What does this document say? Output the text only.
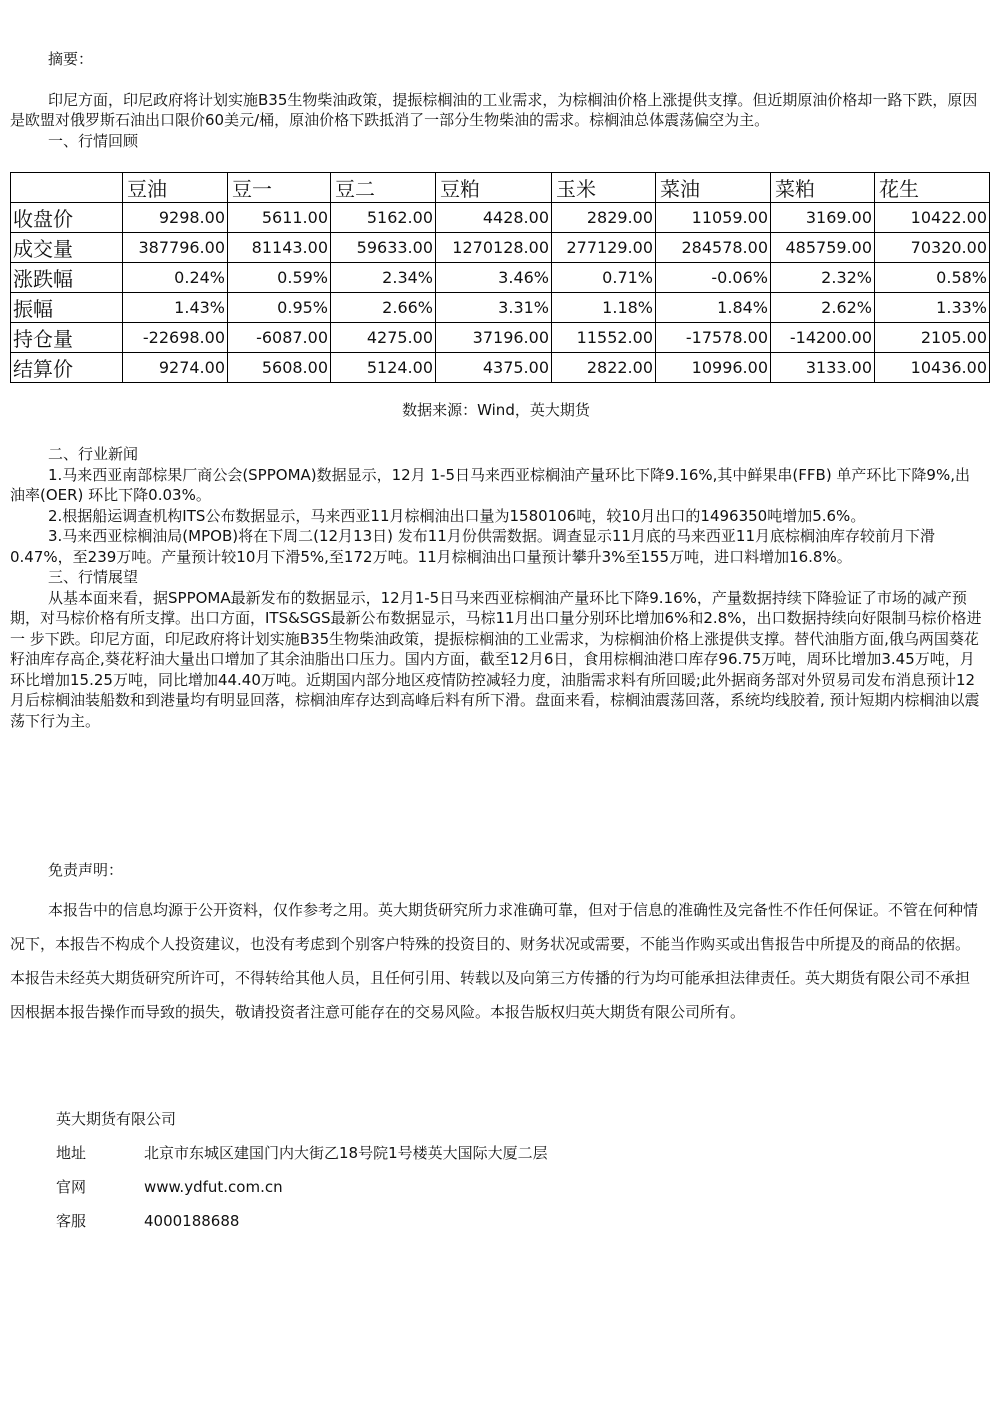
摘要：

印尼方面，印尼政府将计划实施B35生物柴油政策，提振棕榈油的工业需求，为棕榈油价格上涨提供支撑。但近期原油价格却一路下跌，原因是欧盟对俄罗斯石油出口限价60美元/桶，原油价格下跌抵消了一部分生物柴油的需求。棕榈油总体震荡偏空为主。

一、行情回顾

	豆油	豆一	豆二	豆粕	玉米	菜油	菜粕	花生
收盘价	9298.00	5611.00	5162.00	4428.00	2829.00	11059.00	3169.00	10422.00
成交量	387796.00	81143.00	59633.00	1270128.00	277129.00	284578.00	485759.00	70320.00
涨跌幅	0.24%	0.59%	2.34%	3.46%	0.71%	-0.06%	2.32%	0.58%
振幅	1.43%	0.95%	2.66%	3.31%	1.18%	1.84%	2.62%	1.33%
持仓量	-22698.00	-6087.00	4275.00	37196.00	11552.00	-17578.00	-14200.00	2105.00
结算价	9274.00	5608.00	5124.00	4375.00	2822.00	10996.00	3133.00	10436.00

数据来源：Wind，英大期货

二、行业新闻

1.马来西亚南部棕果厂商公会(SPPOMA)数据显示，12月 1-5日马来西亚棕榈油产量环比下降9.16%,其中鲜果串(FFB) 单产环比下降9%,出油率(OER) 环比下降0.03%。

2.根据船运调查机构ITS公布数据显示，马来西亚11月棕榈油出口量为1580106吨，较10月出口的1496350吨增加5.6%。

3.马来西亚棕榈油局(MPOB)将在下周二(12月13日) 发布11月份供需数据。调查显示11月底的马来西亚11月底棕榈油库存较前月下滑0.47%，至239万吨。产量预计较10月下滑5%,至172万吨。11月棕榈油出口量预计攀升3%至155万吨，进口料增加16.8%。

三、行情展望

从基本面来看，据SPPOMA最新发布的数据显示，12月1-5日马来西亚棕榈油产量环比下降9.16%，产量数据持续下降验证了市场的减产预期，对马棕价格有所支撑。出口方面，ITS&SGS最新公布数据显示，马棕11月出口量分别环比增加6%和2.8%，出口数据持续向好限制马棕价格进一 步下跌。印尼方面，印尼政府将计划实施B35生物柴油政策，提振棕榈油的工业需求，为棕榈油价格上涨提供支撑。替代油脂方面,俄乌两国葵花籽油库存高企,葵花籽油大量出口增加了其余油脂出口压力。国内方面，截至12月6日，食用棕榈油港口库存96.75万吨，周环比增加3.45万吨，月环比增加15.25万吨，同比增加44.40万吨。近期国内部分地区疫情防控减轻力度，油脂需求料有所回暖;此外据商务部对外贸易司发布消息预计12月后棕榈油装船数和到港量均有明显回落，棕榈油库存达到高峰后料有所下滑。盘面来看，棕榈油震荡回落，系统均线胶着, 预计短期内棕榈油以震荡下行为主。

免责声明：

本报告中的信息均源于公开资料，仅作参考之用。英大期货研究所力求准确可靠，但对于信息的准确性及完备性不作任何保证。不管在何种情况下，本报告不构成个人投资建议，也没有考虑到个别客户特殊的投资目的、财务状况或需要，不能当作购买或出售报告中所提及的商品的依据。本报告未经英大期货研究所许可，不得转给其他人员，且任何引用、转载以及向第三方传播的行为均可能承担法律责任。英大期货有限公司不承担因根据本报告操作而导致的损失，敬请投资者注意可能存在的交易风险。本报告版权归英大期货有限公司所有。

英大期货有限公司
地址	北京市东城区建国门内大街乙18号院1号楼英大国际大厦二层
官网	www.ydfut.com.cn
客服	4000188688
